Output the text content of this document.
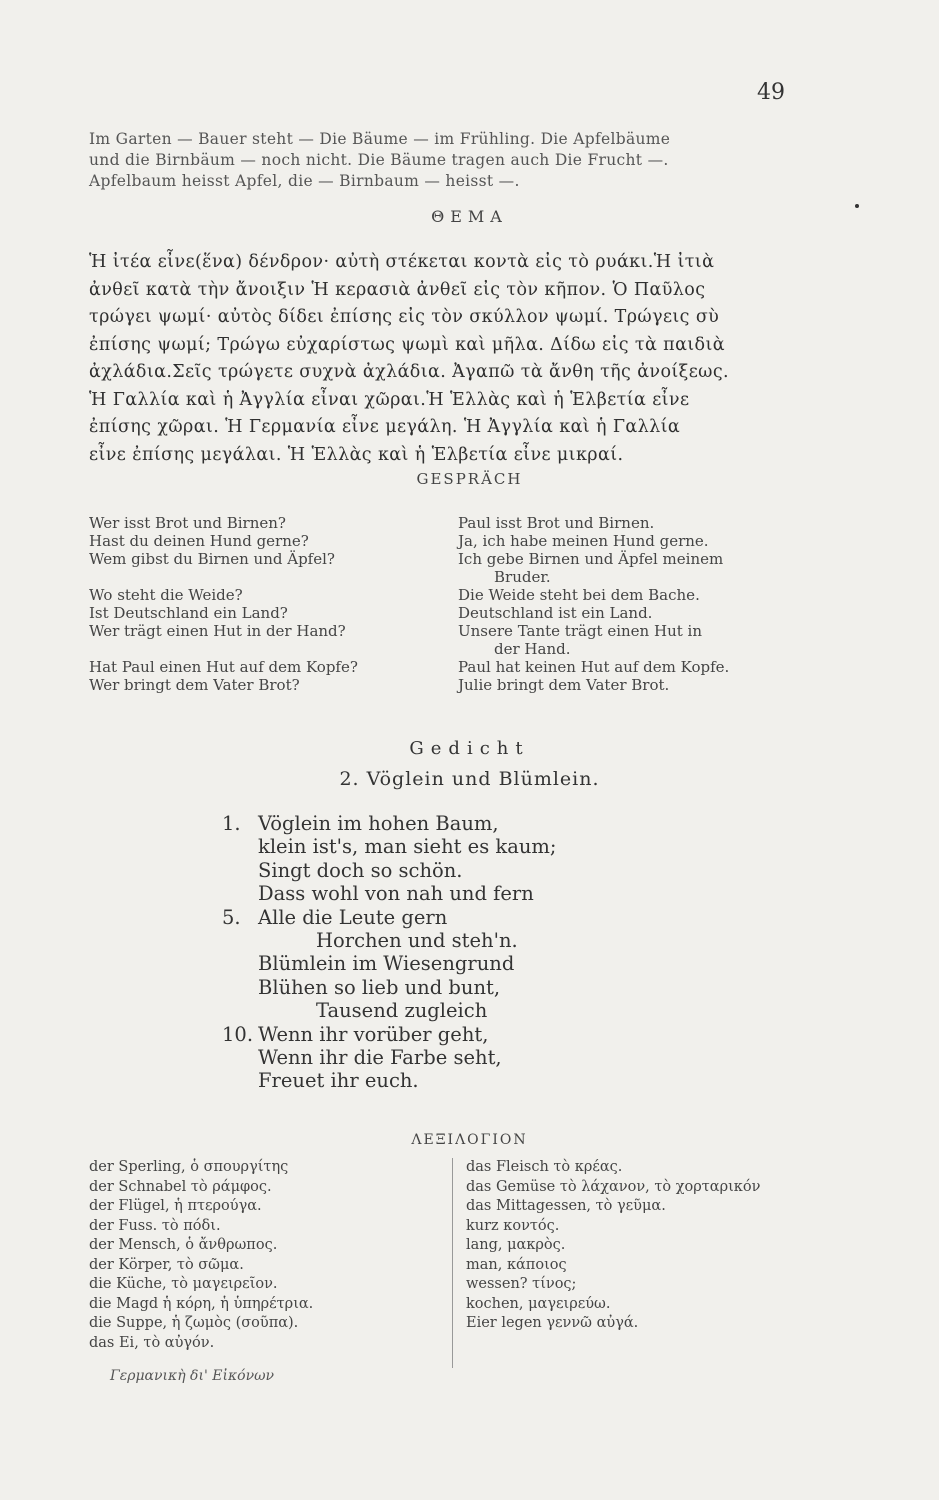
49
Im Garten — Bauer steht — Die Bäume — im Frühling. Die Apfelbäume
und die Birnbäum — noch nicht. Die Bäume tragen auch Die Frucht —.
Apfelbaum heisst Apfel, die — Birnbaum — heisst —.
ΘΕΜΑ
Ἡ ἰτέα εἶνε(ἕνα) δένδρον· αὐτὴ στέκεται κοντὰ εἰς τὸ ρυάκι.Ἡ ἰτιὰ
ἀνθεῖ κατὰ τὴν ἄνοιξιν Ἡ κερασιὰ ἀνθεῖ εἰς τὸν κῆπον. Ὁ Παῦλος
τρώγει ψωμί· αὐτὸς δίδει ἐπίσης εἰς τὸν σκύλλον ψωμί. Τρώγεις σὺ
ἐπίσης ψωμί; Τρώγω εὐχαρίστως ψωμὶ καὶ μῆλα. Δίδω εἰς τὰ παιδιὰ
ἀχλάδια.Σεῖς τρώγετε συχνὰ ἀχλάδια. Ἀγαπῶ τὰ ἄνθη τῆς ἀνοίξεως.
Ἡ Γαλλία καὶ ἡ Ἀγγλία εἶναι χῶραι.Ἡ Ἑλλὰς καὶ ἡ Ἑλβετία εἶνε
ἐπίσης χῶραι. Ἡ Γερμανία εἶνε μεγάλη. Ἡ Ἀγγλία καὶ ἡ Γαλλία
εἶνε ἐπίσης μεγάλαι. Ἡ Ἑλλὰς καὶ ἡ Ἑλβετία εἶνε μικραί.
GESPRÄCH
Wer isst Brot und Birnen?
Hast du deinen Hund gerne?
Wem gibst du Birnen und Äpfel?
Wo steht die Weide?
Ist Deutschland ein Land?
Wer trägt einen Hut in der Hand?
Hat Paul einen Hut auf dem Kopfe?
Wer bringt dem Vater Brot?
Paul isst Brot und Birnen.
Ja, ich habe meinen Hund gerne.
Ich gebe Birnen und Äpfel meinem
Bruder.
Die Weide steht bei dem Bache.
Deutschland ist ein Land.
Unsere Tante trägt einen Hut in
der Hand.
Paul hat keinen Hut auf dem Kopfe.
Julie bringt dem Vater Brot.
Gedicht
2. Vöglein und Blümlein.
1. Vöglein im hohen Baum,
klein ist's, man sieht es kaum;
Singt doch so schön.
Dass wohl von nah und fern
5. Alle die Leute gern
Horchen und steh'n.
Blümlein im Wiesengrund
Blühen so lieb und bunt,
Tausend zugleich
10. Wenn ihr vorüber geht,
Wenn ihr die Farbe seht,
Freuet ihr euch.
ΛΕΞΙΛΟΓΙΟΝ
der Sperling, ὁ σπουργίτης
der Schnabel τὸ ράμφος.
der Flügel, ἡ πτερούγα.
der Fuss. τὸ πόδι.
der Mensch, ὁ ἄνθρωπος.
der Körper, τὸ σῶμα.
die Küche, τὸ μαγειρεῖον.
die Magd ἡ κόρη, ἡ ὑπηρέτρια.
die Suppe, ἡ ζωμὸς (σοῦπα).
das Ei, τὸ αὐγόν.
das Fleisch τὸ κρέας.
das Gemüse τὸ λάχανον, τὸ χορταρικόν
das Mittagessen, τὸ γεῦμα.
kurz κοντός.
lang, μακρὸς.
man, κάποιος
wessen? τίνος;
kochen, μαγειρεύω.
Eier legen γεννῶ αὐγά.
Γερμανικὴ δι' Εἰκόνων
